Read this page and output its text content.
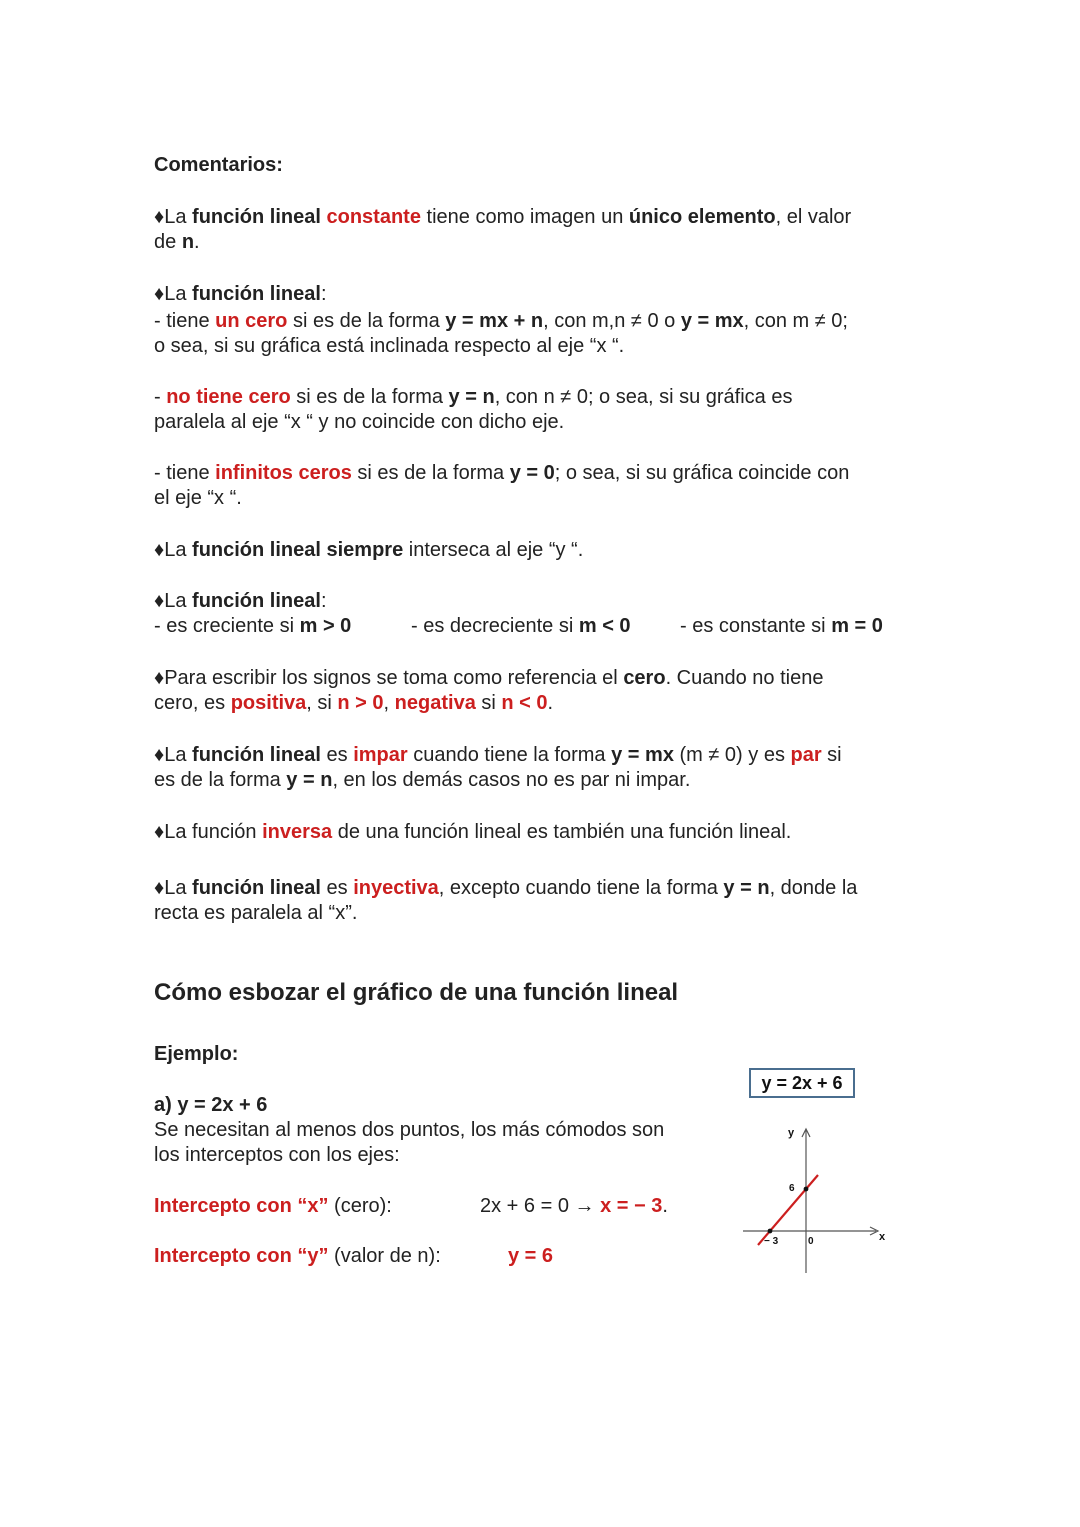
Comentarios:
♦La función lineal constante tiene como imagen un único elemento, el valor
de n.
♦La función lineal:
- tiene un cero si es de la forma y = mx + n, con m,n ≠ 0 o y = mx, con m ≠ 0;
o sea, si su gráfica está inclinada respecto al eje “x “.
- no tiene cero si es de la forma y = n, con n ≠ 0; o sea, si su gráfica es
paralela al eje “x “ y no coincide con dicho eje.
- tiene infinitos ceros si es de la forma y = 0; o sea, si su gráfica coincide con
el eje “x “.
♦La función lineal siempre interseca al eje “y “.
♦La función lineal:
- es creciente si m > 0	- es decreciente si m < 0 - es constante si m = 0
♦Para escribir los signos se toma como referencia el cero. Cuando no tiene
cero, es positiva, si n > 0, negativa si n < 0.
♦La función lineal es impar cuando tiene la forma y = mx (m ≠ 0) y es par si
es de la forma y = n, en los demás casos no es par ni impar.
♦La función inversa de una función lineal es también una función lineal.
♦La función lineal es inyectiva, excepto cuando tiene la forma y = n, donde la
recta es paralela al “x”.
Cómo esbozar el gráfico de una función lineal
Ejemplo:
a) y = 2x + 6
Se necesitan al menos dos puntos, los más cómodos son
los interceptos con los ejes:
Intercepto con “x” (cero):	2x + 6 = 0 → x = − 3.
Intercepto con “y” (valor de n):	y = 6
y = 2x + 6
x
y
− 3	0
6
